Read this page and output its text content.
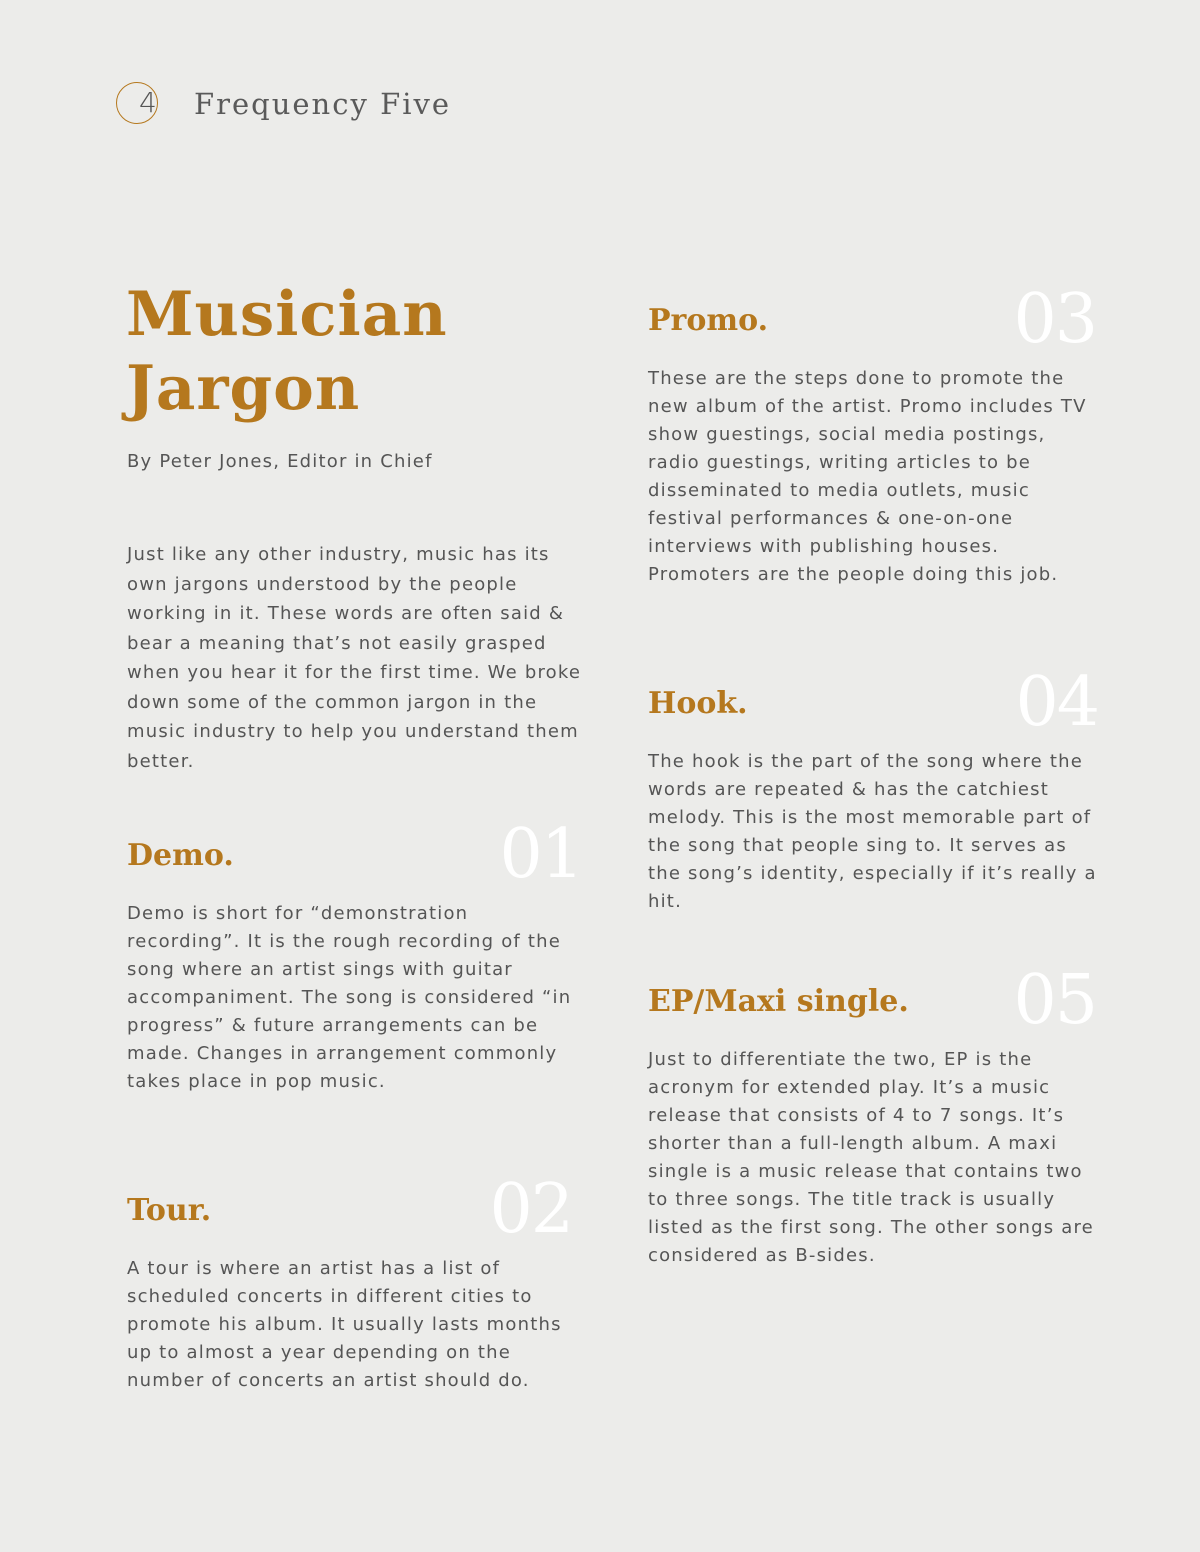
4 Frequency Five
Musician
Jargon

By Peter Jones, Editor in Chief

Just like any other industry, music has its own jargons understood by the people working in it. These words are often said & bear a meaning that’s not easily grasped when you hear it for the first time. We broke down some of the common jargon in the music industry to help you understand them better.

01
Demo.

Demo is short for “demonstration recording”. It is the rough recording of the song where an artist sings with guitar accompaniment. The song is considered “in progress” & future arrangements can be made. Changes in arrangement commonly takes place in pop music.

02
Tour.

A tour is where an artist has a list of scheduled concerts in different cities to promote his album. It usually lasts months up to almost a year depending on the number of concerts an artist should do.

03
Promo.

These are the steps done to promote the new album of the artist. Promo includes TV show guestings, social media postings, radio guestings, writing articles to be disseminated to media outlets, music festival performances & one-on-one interviews with publishing houses. Promoters are the people doing this job.

04
Hook.

The hook is the part of the song where the words are repeated & has the catchiest melody. This is the most memorable part of the song that people sing to. It serves as the song’s identity, especially if it’s really a hit.

05
EP/Maxi single.

Just to differentiate the two, EP is the acronym for extended play. It’s a music release that consists of 4 to 7 songs. It’s shorter than a full-length album. A maxi single is a music release that contains two to three songs. The title track is usually listed as the first song. The other songs are considered as B-sides.
